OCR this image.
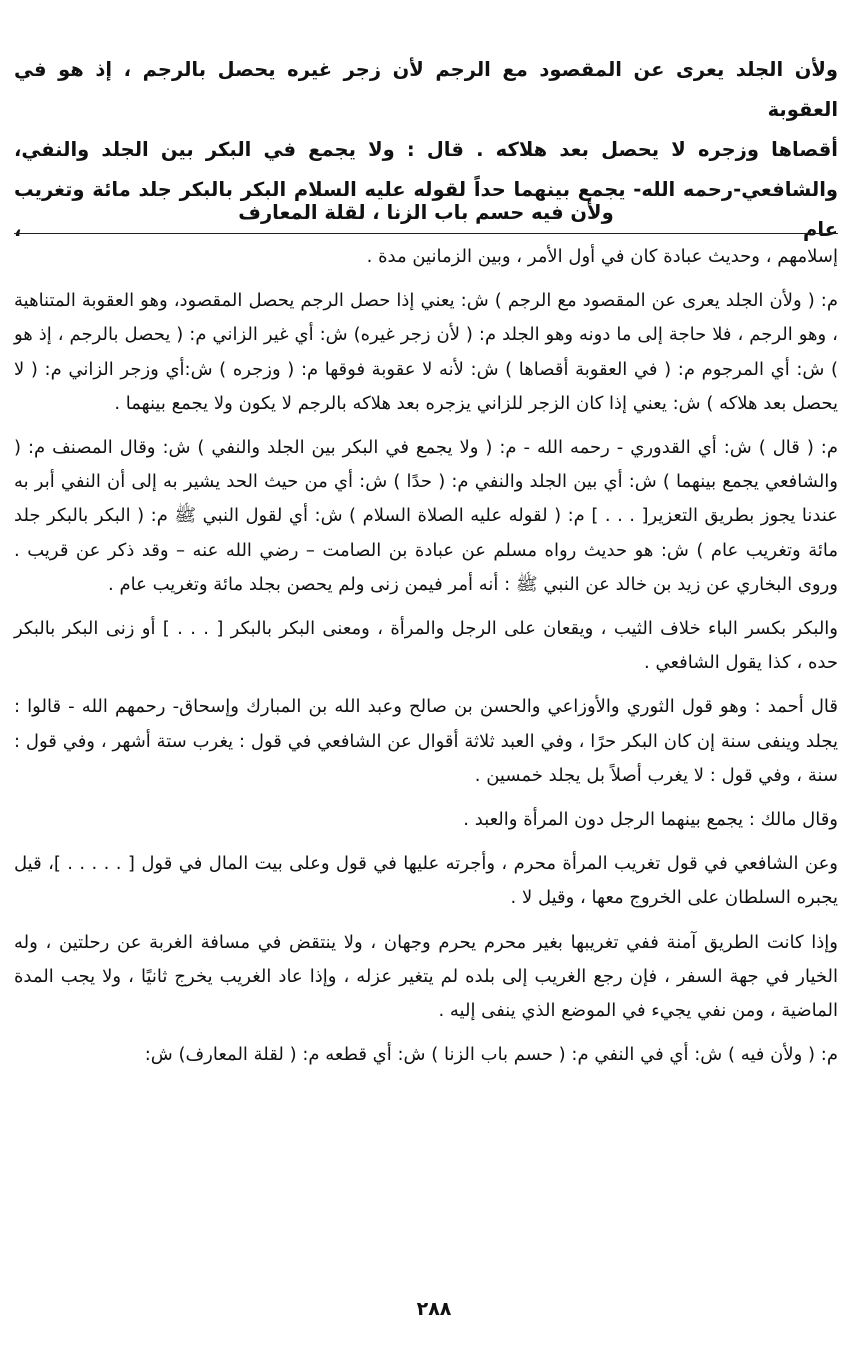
ولأن الجلد يعرى عن المقصود مع الرجم لأن زجر غيره يحصل بالرجم ، إذ هو في العقوبة
أقصاها وزجره لا يحصل بعد هلاكه . قال : ولا يجمع في البكر بين الجلد والنفي،
والشافعي-رحمه الله- يجمع بينهما حداً لقوله عليه السلام البكر بالبكر جلد مائة وتغريب عام ،
ولأن فيه حسم باب الزنا ، لقلة المعارف

إسلامهم ، وحديث عبادة كان في أول الأمر ، وبين الزمانين مدة .

م: ( ولأن الجلد يعرى عن المقصود مع الرجم ) ش: يعني إذا حصل الرجم يحصل المقصود، وهو العقوبة المتناهية ، وهو الرجم ، فلا حاجة إلى ما دونه وهو الجلد م: ( لأن زجر غيره) ش: أي غير الزاني م: ( يحصل بالرجم ، إذ هو ) ش: أي المرجوم م: ( في العقوبة أقصاها ) ش: لأنه لا عقوبة فوقها م: ( وزجره ) ش:أي وزجر الزاني م: ( لا يحصل بعد هلاكه ) ش: يعني إذا كان الزجر للزاني يزجره بعد هلاكه بالرجم لا يكون ولا يجمع بينهما .

م: ( قال ) ش: أي القدوري - رحمه الله - م: ( ولا يجمع في البكر بين الجلد والنفي ) ش: وقال المصنف م: ( والشافعي يجمع بينهما ) ش: أي بين الجلد والنفي م: ( حدًا ) ش: أي من حيث الحد يشير به إلى أن النفي أبر به عندنا يجوز بطريق التعزير[ . . . ] م: ( لقوله عليه الصلاة السلام ) ش: أي لقول النبي ﷺ م: ( البكر بالبكر جلد مائة وتغريب عام ) ش: هو حديث رواه مسلم عن عبادة بن الصامت – رضي الله عنه – وقد ذكر عن قريب . وروى البخاري عن زيد بن خالد عن النبي ﷺ : أنه أمر فيمن زنى ولم يحصن بجلد مائة وتغريب عام .

والبكر بكسر الباء خلاف الثيب ، ويقعان على الرجل والمرأة ، ومعنى البكر بالبكر [ . . . ] أو زنى البكر بالبكر حده ، كذا يقول الشافعي .

قال أحمد : وهو قول الثوري والأوزاعي والحسن بن صالح وعبد الله بن المبارك وإسحاق- رحمهم الله - قالوا : يجلد وينفى سنة إن كان البكر حرًا ، وفي العبد ثلاثة أقوال عن الشافعي في قول : يغرب ستة أشهر ، وفي قول : سنة ، وفي قول : لا يغرب أصلاً بل يجلد خمسين .

وقال مالك : يجمع بينهما الرجل دون المرأة والعبد .

وعن الشافعي في قول تغريب المرأة محرم ، وأجرته عليها في قول وعلى بيت المال في قول [ . . . . . ]، قيل يجبره السلطان على الخروج معها ، وقيل لا .

وإذا كانت الطريق آمنة ففي تغريبها بغير محرم يحرم وجهان ، ولا ينتقض في مسافة الغربة عن رحلتين ، وله الخيار في جهة السفر ، فإن رجع الغريب إلى بلده لم يتغير عزله ، وإذا عاد الغريب يخرج ثانيًا ، ولا يجب المدة الماضية ، ومن نفي يجيء في الموضع الذي ينفى إليه .

م: ( ولأن فيه ) ش: أي في النفي م: ( حسم باب الزنا ) ش: أي قطعه م: ( لقلة المعارف) ش:

٢٨٨
